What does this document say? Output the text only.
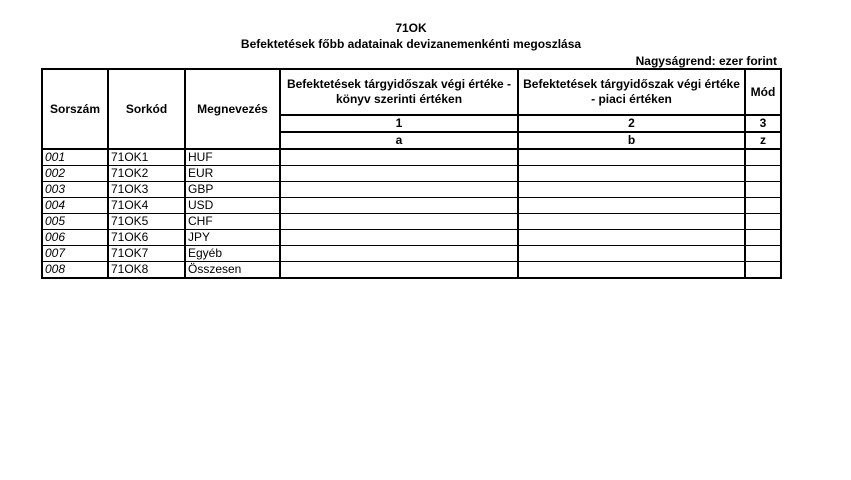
71OK
Befektetések főbb adatainak devizanemenkénti megoszlása
Nagyságrend: ezer forint
Sorszám	Sorkód	Megnevezés	Befektetések tárgyidőszak végi értéke - könyv szerinti értéken	Befektetések tárgyidőszak végi értéke - piaci értéken	Mód
			1	2	3
			a	b	z
001	71OK1	HUF			
002	71OK2	EUR			
003	71OK3	GBP			
004	71OK4	USD			
005	71OK5	CHF			
006	71OK6	JPY			
007	71OK7	Egyéb			
008	71OK8	Összesen			
